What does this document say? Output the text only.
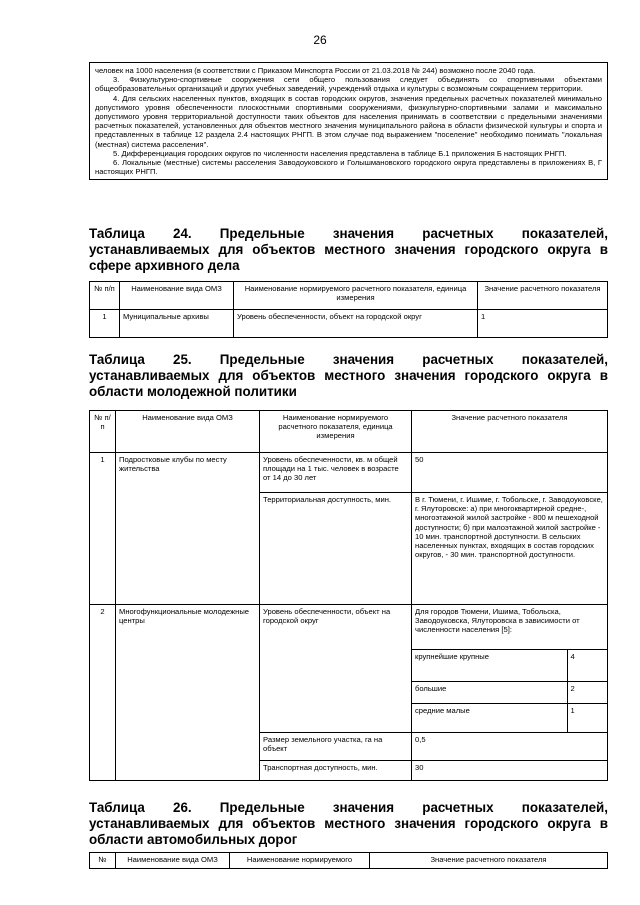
26

человек на 1000 населения (в соответствии с Приказом Минспорта России от 21.03.2018 № 244) возможно после 2040 года.

3. Физкультурно-спортивные сооружения сети общего пользования следует объединять со спортивными объектами общеобразовательных организаций и других учебных заведений, учреждений отдыха и культуры с возможным сокращением территории.

4. Для сельских населенных пунктов, входящих в состав городских округов, значения предельных расчетных показателей минимально допустимого уровня обеспеченности плоскостными спортивными сооружениями, физкультурно-спортивными залами и максимально допустимого уровня территориальной доступности таких объектов для населения принимать в соответствии с предельными значениями расчетных показателей, установленных для объектов местного значения муниципального района в области физической культуры и спорта и представленных в таблице 12 раздела 2.4 настоящих РНГП. В этом случае под выражением "поселение" необходимо понимать "локальная (местная) система расселения".

5. Дифференциация городских округов по численности населения представлена в таблице Б.1 приложения Б настоящих РНГП.

6. Локальные (местные) системы расселения Заводоуковского и Голышмановского городского округа представлены в приложениях В, Г настоящих РНГП.

Таблица 24. Предельные значения расчетных показателей, устанавливаемых для объектов местного значения городского округа в сфере архивного дела
№ п/п	Наименование вида ОМЗ	Наименование нормируемого расчетного показателя, единица измерения	Значение расчетного показателя
1	Муниципальные архивы	Уровень обеспеченности, объект на городской округ	1
Таблица 25. Предельные значения расчетных показателей, устанавливаемых для объектов местного значения городского округа в области молодежной политики
№ п/п	Наименование вида ОМЗ	Наименование нормируемого расчетного показателя, единица измерения	Значение расчетного показателя
1	Подростковые клубы по месту жительства	Уровень обеспеченности, кв. м общей площади на 1 тыс. человек в возрасте от 14 до 30 лет	50
Территориальная доступность, мин.	В г. Тюмени, г. Ишиме, г. Тобольске, г. Заводоуковске, г. Ялуторовске: а) при многоквартирной средне-, многоэтажной жилой застройке - 800 м пешеходной доступности; б) при малоэтажной жилой застройке - 10 мин. транспортной доступности. В сельских населенных пунктах, входящих в состав городских округов, - 30 мин. транспортной доступности.
2	Многофункциональные молодежные центры	Уровень обеспеченности, объект на городской округ	
Для городов Тюмени, Ишима, Тобольска, Заводоуковска, Ялуторовска в зависимости от численности населения [5]:
крупнейшие крупные	4
большие	2
средние малые	1

Размер земельного участка, га на объект	0,5
Транспортная доступность, мин.	30
Таблица 26. Предельные значения расчетных показателей, устанавливаемых для объектов местного значения городского округа в области автомобильных дорог
№	Наименование вида ОМЗ	Наименование нормируемого	Значение расчетного показателя
